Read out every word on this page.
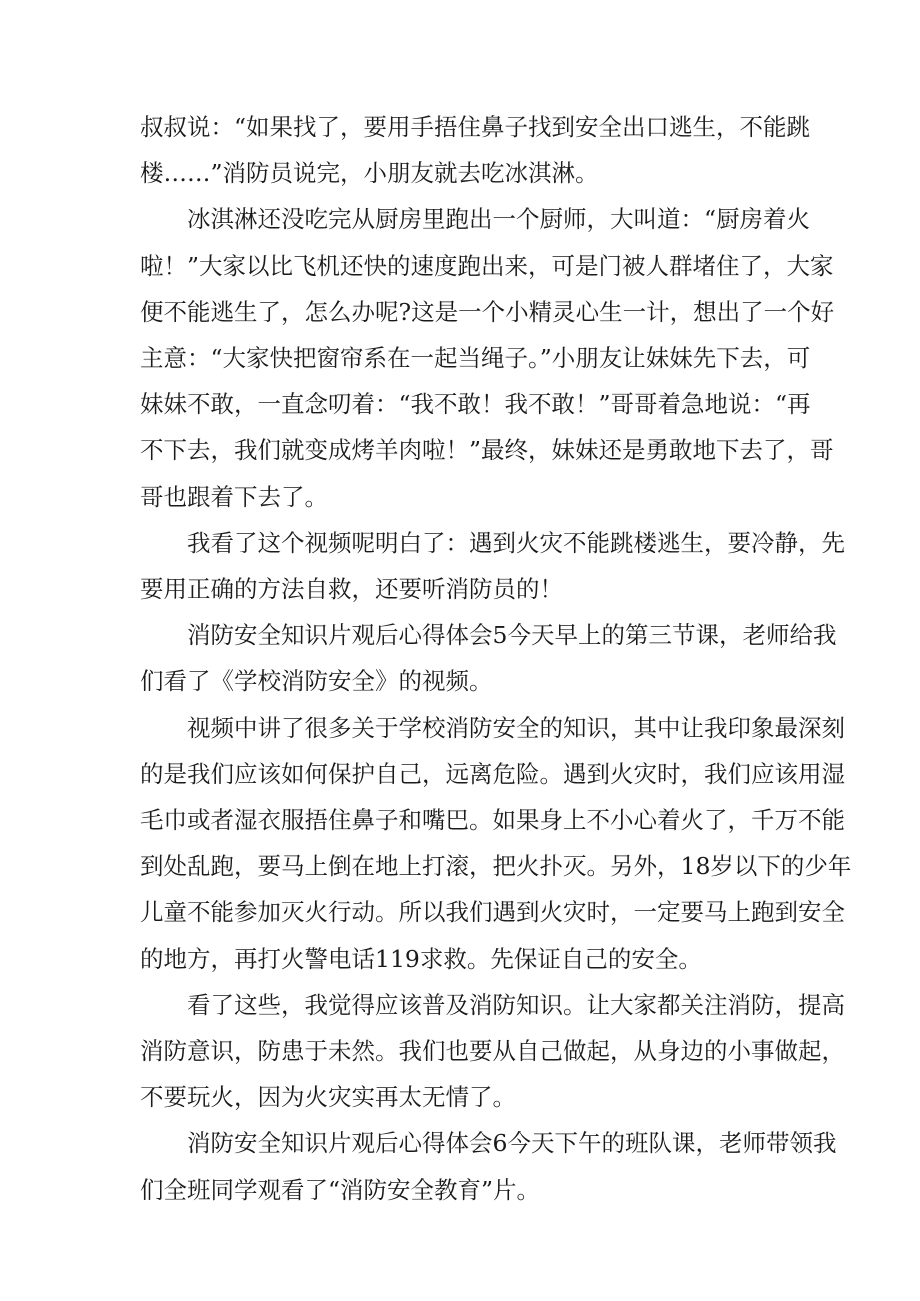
叔叔说：“如果找了，要用手捂住鼻子找到安全出口逃生，不能跳
楼……”消防员说完，小朋友就去吃冰淇淋。
冰淇淋还没吃完从厨房里跑出一个厨师，大叫道：“厨房着火
啦！”大家以比飞机还快的速度跑出来，可是门被人群堵住了，大家
便不能逃生了，怎么办呢?这是一个小精灵心生一计，想出了一个好
主意：“大家快把窗帘系在一起当绳子。”小朋友让妹妹先下去，可
妹妹不敢，一直念叨着：“我不敢！我不敢！”哥哥着急地说：“再
不下去，我们就变成烤羊肉啦！”最终，妹妹还是勇敢地下去了，哥
哥也跟着下去了。
我看了这个视频呢明白了：遇到火灾不能跳楼逃生，要冷静，先
要用正确的方法自救，还要听消防员的！
消防安全知识片观后心得体会5今天早上的第三节课，老师给我
们看了《学校消防安全》的视频。
视频中讲了很多关于学校消防安全的知识，其中让我印象最深刻
的是我们应该如何保护自己，远离危险。遇到火灾时，我们应该用湿
毛巾或者湿衣服捂住鼻子和嘴巴。如果身上不小心着火了，千万不能
到处乱跑，要马上倒在地上打滚，把火扑灭。另外，18岁以下的少年
儿童不能参加灭火行动。所以我们遇到火灾时，一定要马上跑到安全
的地方，再打火警电话119求救。先保证自己的安全。
看了这些，我觉得应该普及消防知识。让大家都关注消防，提高
消防意识，防患于未然。我们也要从自己做起，从身边的小事做起，
不要玩火，因为火灾实再太无情了。
消防安全知识片观后心得体会6今天下午的班队课，老师带领我
们全班同学观看了“消防安全教育”片。
